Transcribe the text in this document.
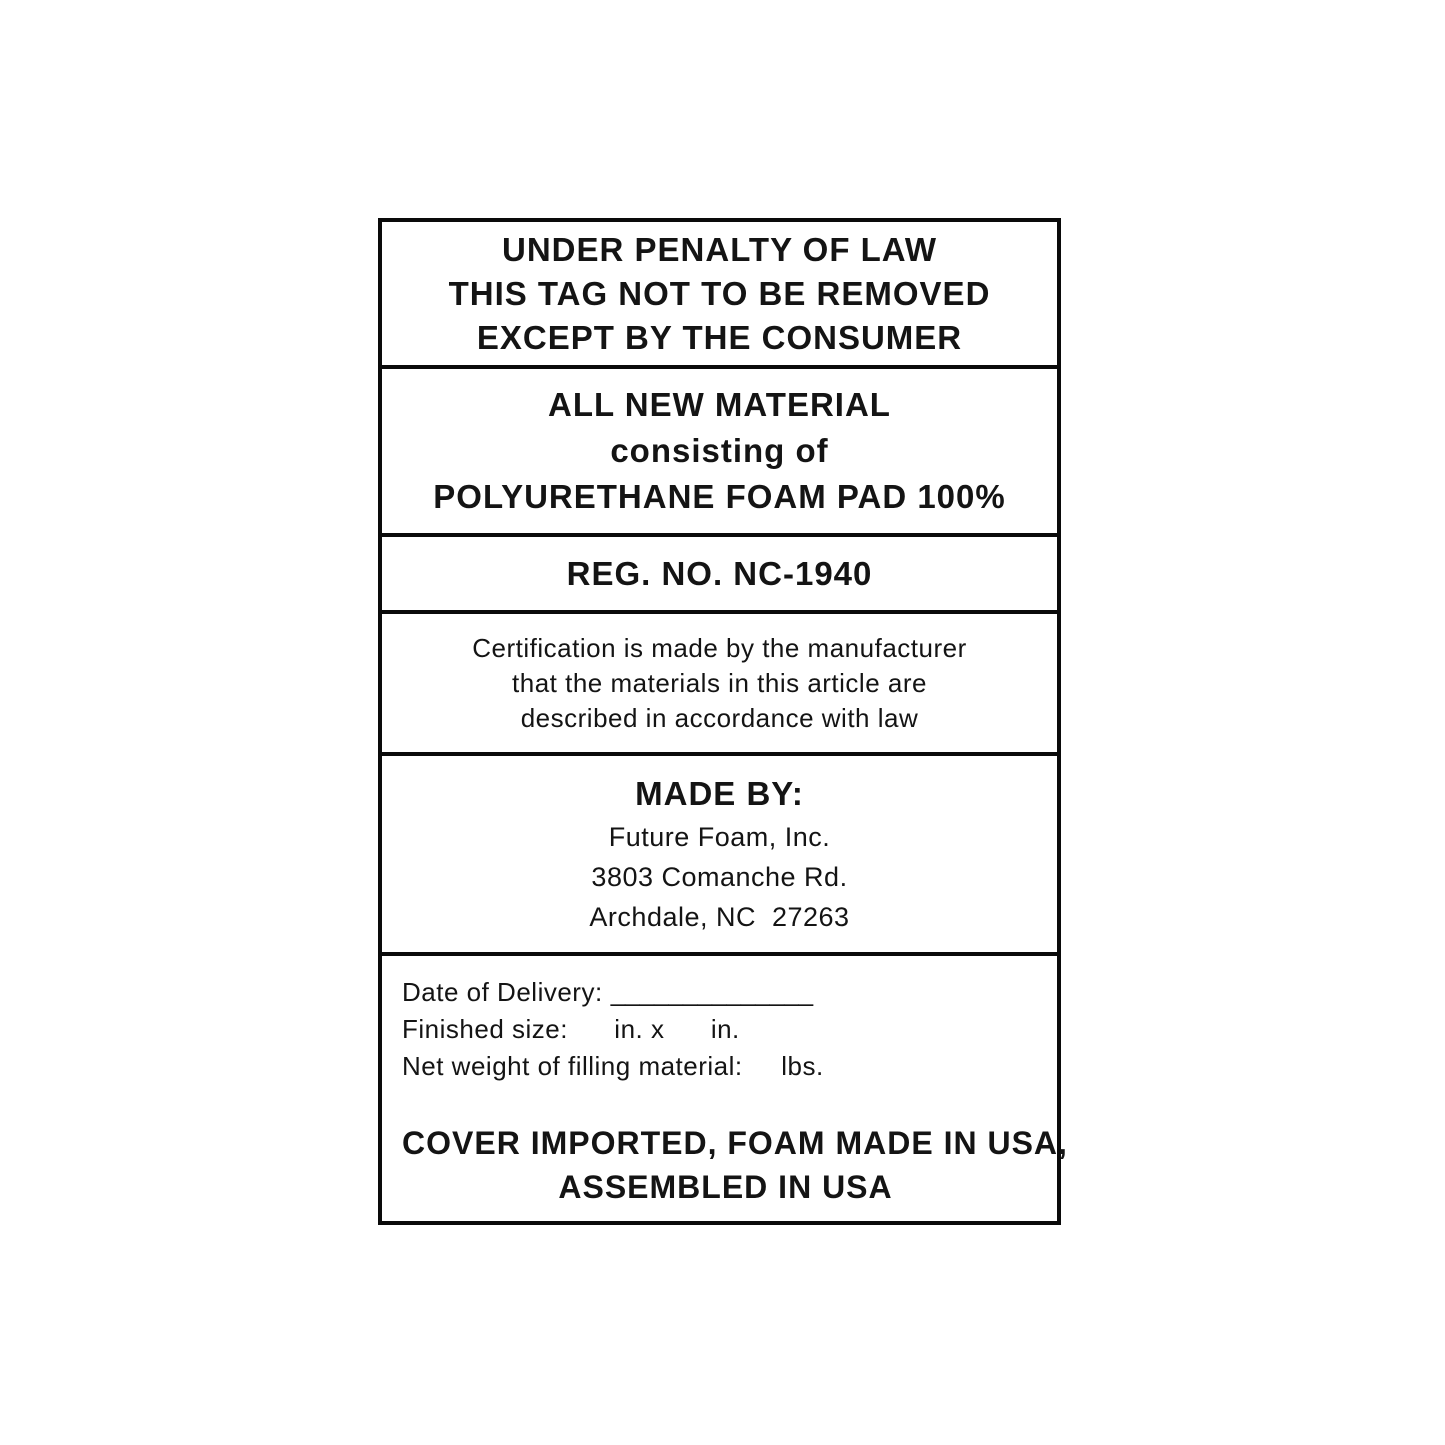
UNDER PENALTY OF LAW

THIS TAG NOT TO BE REMOVED

EXCEPT BY THE CONSUMER

ALL NEW MATERIAL

consisting of

POLYURETHANE FOAM PAD 100%

REG. NO. NC-1940

Certification is made by the manufacturer

that the materials in this article are

described in accordance with law

MADE BY:

Future Foam, Inc.

3803 Comanche Rd.

Archdale, NC  27263

Date of Delivery: ______________

Finished size:      in. x      in.

Net weight of filling material:     lbs.

COVER IMPORTED, FOAM MADE IN USA,

ASSEMBLED IN USA
